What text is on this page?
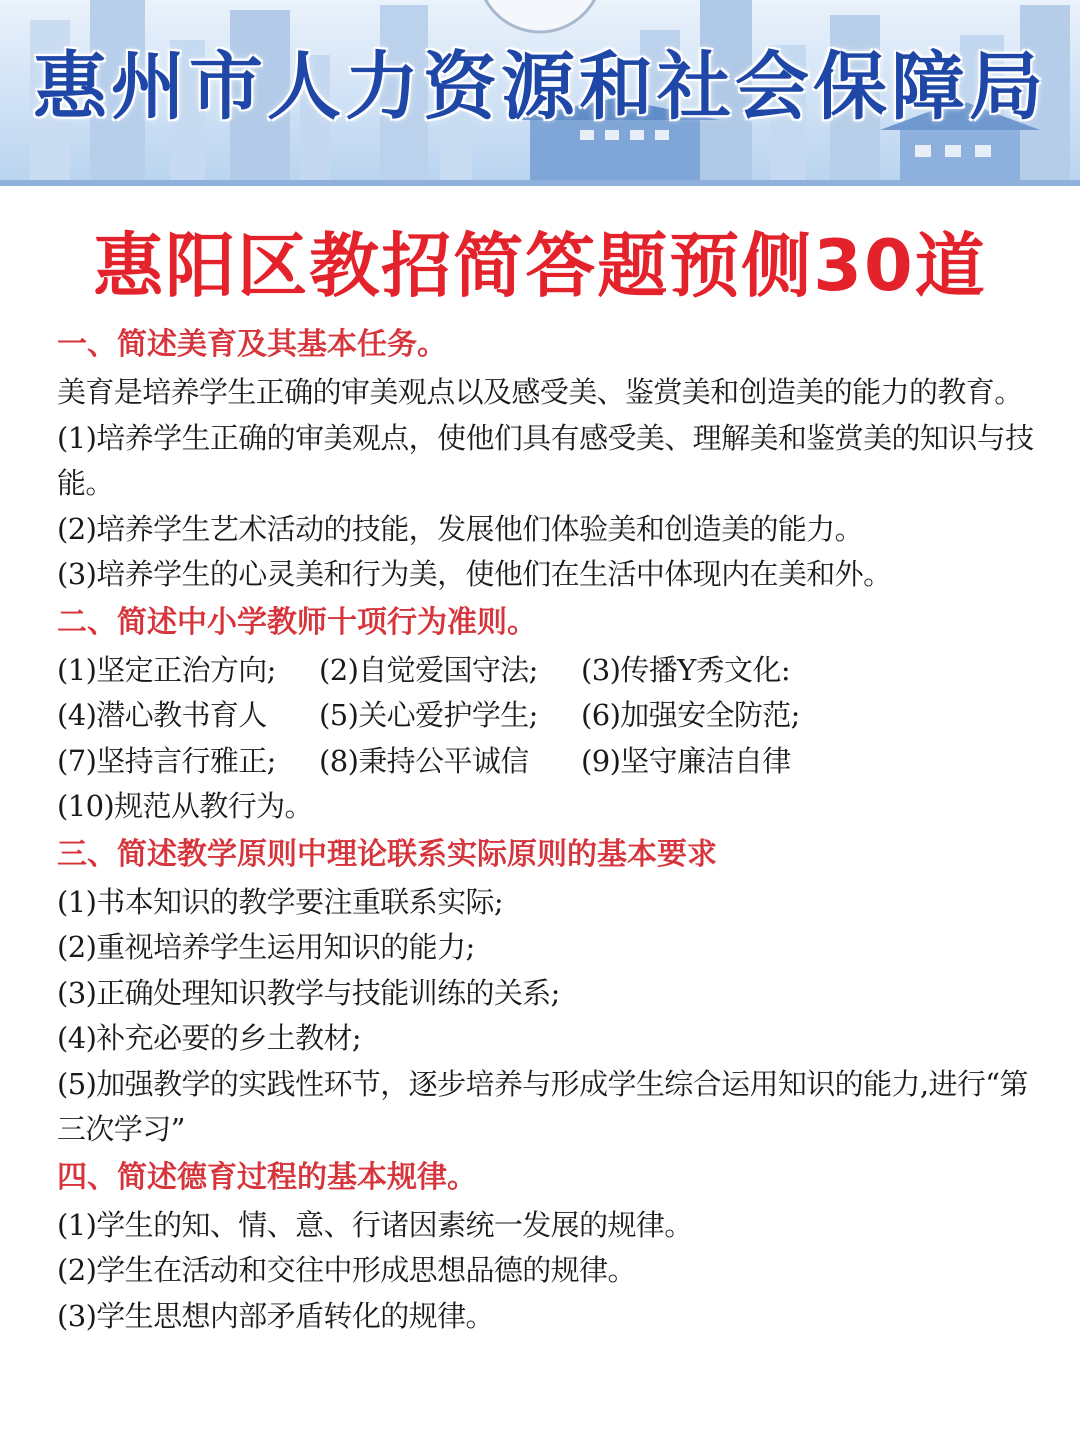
惠州市人力资源和社会保障局
惠阳区教招简答题预侧30道
一、简述美育及其基本任务。

美育是培养学生正确的审美观点以及感受美、鉴赏美和创造美的能力的教育。

(1)培养学生正确的审美观点，使他们具有感受美、理解美和鉴赏美的知识与技能。

(2)培养学生艺术活动的技能，发展他们体验美和创造美的能力。

(3)培养学生的心灵美和行为美，使他们在生活中体现内在美和外。

二、简述中小学教师十项行为准则。
(1)坚定正治方向;	(2)自觉爱国守法;	(3)传播Y秀文化:
(4)潜心教书育人	(5)关心爱护学生;	(6)加强安全防范;
(7)坚持言行雅正;	(8)秉持公平诚信	(9)坚守廉洁自律
(10)规范从教行为。
三、简述教学原则中理论联系实际原则的基本要求

(1)书本知识的教学要注重联系实际;

(2)重视培养学生运用知识的能力;

(3)正确处理知识教学与技能训练的关系;

(4)补充必要的乡土教材;

(5)加强教学的实践性环节，逐步培养与形成学生综合运用知识的能力,进行“第三次学习”

四、简述德育过程的基本规律。

(1)学生的知、情、意、行诸因素统一发展的规律。

(2)学生在活动和交往中形成思想品德的规律。

(3)学生思想内部矛盾转化的规律。
